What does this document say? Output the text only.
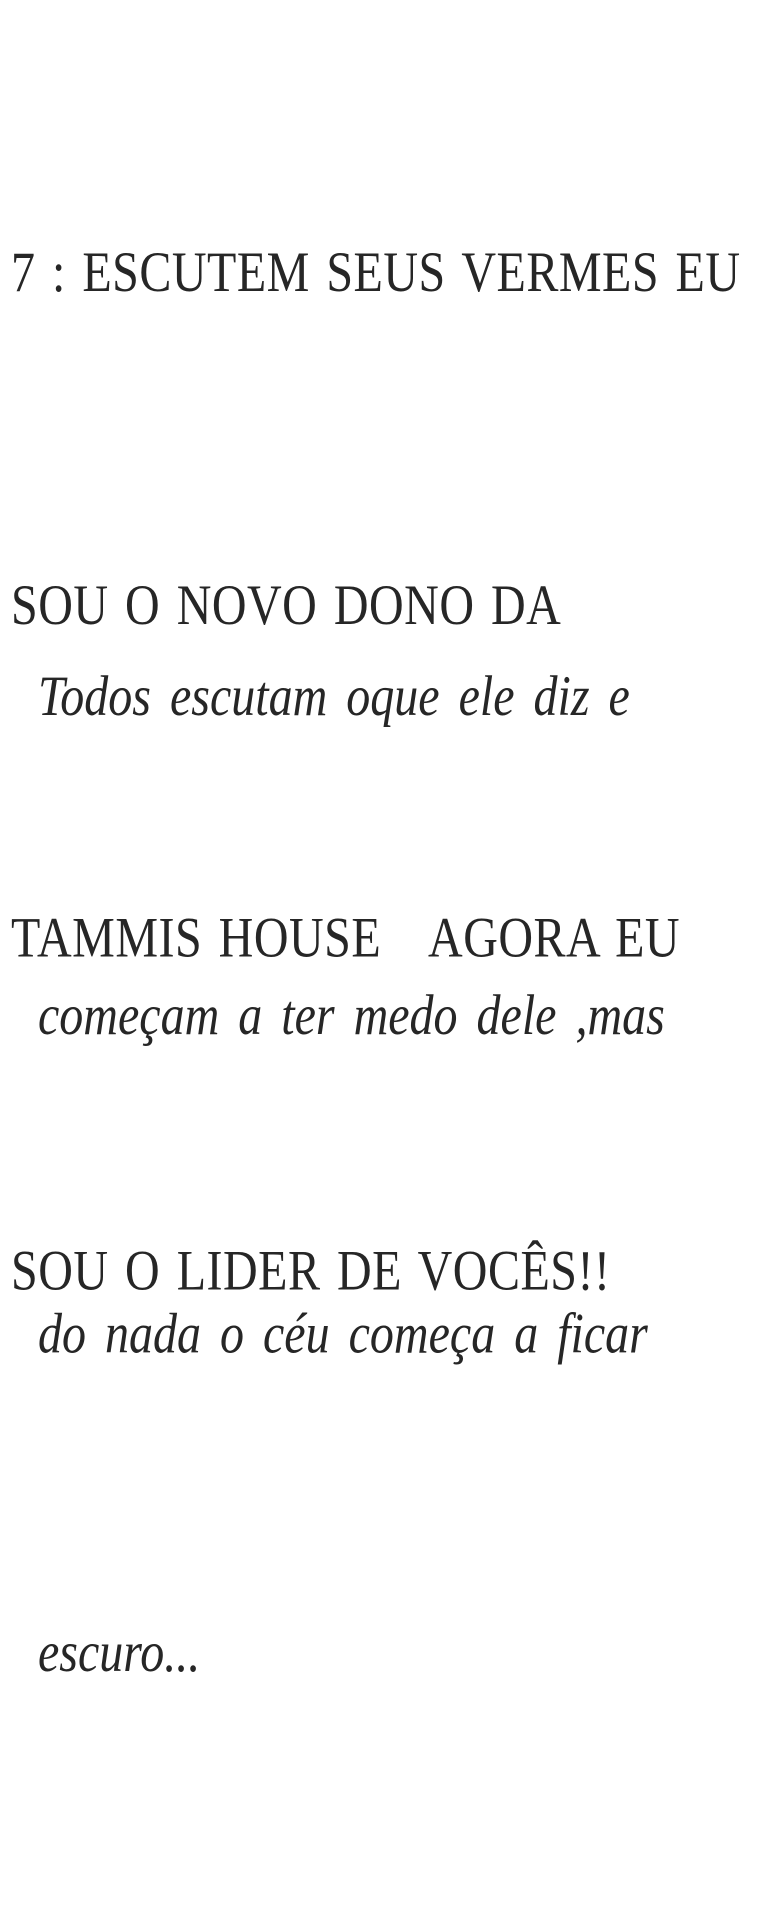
7 : ESCUTEM SEUS VERMES EU

SOU O NOVO DONO DA

TAMMIS HOUSE   AGORA EU

SOU O LIDER DE VOCÊS!!

Todos escutam oque ele diz e

começam a ter medo dele ,mas

do nada o céu começa a ficar

escuro...
